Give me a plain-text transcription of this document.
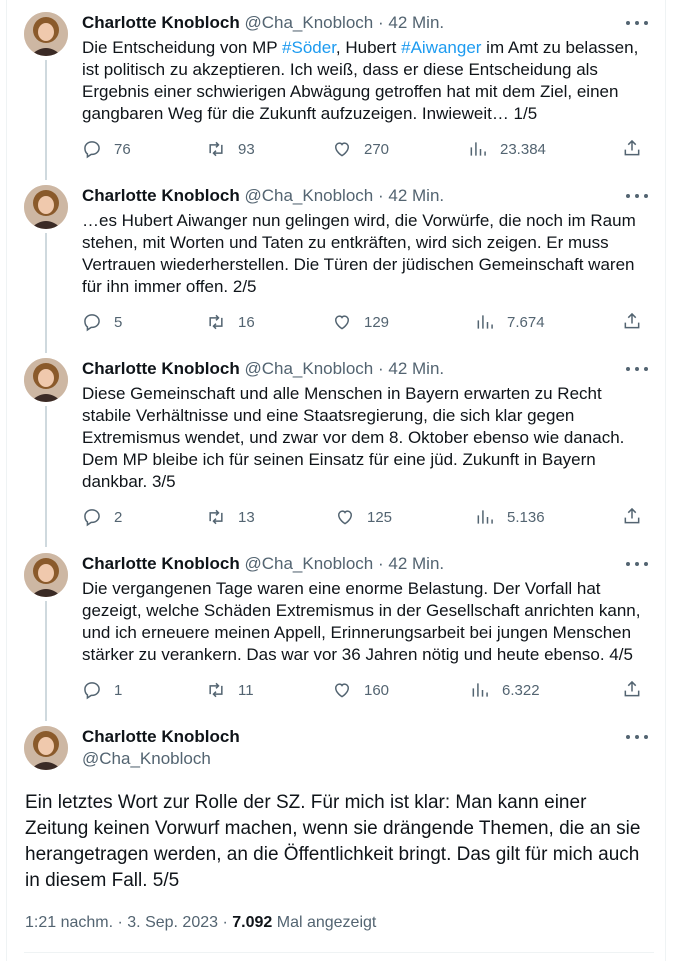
Charlotte Knobloch @Cha_Knobloch · 42 Min.
Die Entscheidung von MP #Söder, Hubert #Aiwanger im Amt zu belassen, ist politisch zu akzeptieren. Ich weiß, dass er diese Entscheidung als Ergebnis einer schwierigen Abwägung getroffen hat mit dem Ziel, einen gangbaren Weg für die Zukunft aufzuzeigen. Inwieweit… 1/5
76	93	270	23.384
Charlotte Knobloch @Cha_Knobloch · 42 Min.
…es Hubert Aiwanger nun gelingen wird, die Vorwürfe, die noch im Raum stehen, mit Worten und Taten zu entkräften, wird sich zeigen. Er muss Vertrauen wiederherstellen. Die Türen der jüdischen Gemeinschaft waren für ihn immer offen. 2/5
5	16	129	7.674
Charlotte Knobloch @Cha_Knobloch · 42 Min.
Diese Gemeinschaft und alle Menschen in Bayern erwarten zu Recht stabile Verhältnisse und eine Staatsregierung, die sich klar gegen Extremismus wendet, und zwar vor dem 8. Oktober ebenso wie danach. Dem MP bleibe ich für seinen Einsatz für eine jüd. Zukunft in Bayern dankbar. 3/5
2	13	125	5.136
Charlotte Knobloch @Cha_Knobloch · 42 Min.
Die vergangenen Tage waren eine enorme Belastung. Der Vorfall hat gezeigt, welche Schäden Extremismus in der Gesellschaft anrichten kann, und ich erneuere meinen Appell, Erinnerungsarbeit bei jungen Menschen stärker zu verankern. Das war vor 36 Jahren nötig und heute ebenso. 4/5
1	11	160	6.322
Charlotte Knobloch
@Cha_Knobloch
Ein letztes Wort zur Rolle der SZ. Für mich ist klar: Man kann einer Zeitung keinen Vorwurf machen, wenn sie drängende Themen, die an sie herangetragen werden, an die Öffentlichkeit bringt. Das gilt für mich auch in diesem Fall. 5/5
1:21 nachm. · 3. Sep. 2023 · 7.092 Mal angezeigt
